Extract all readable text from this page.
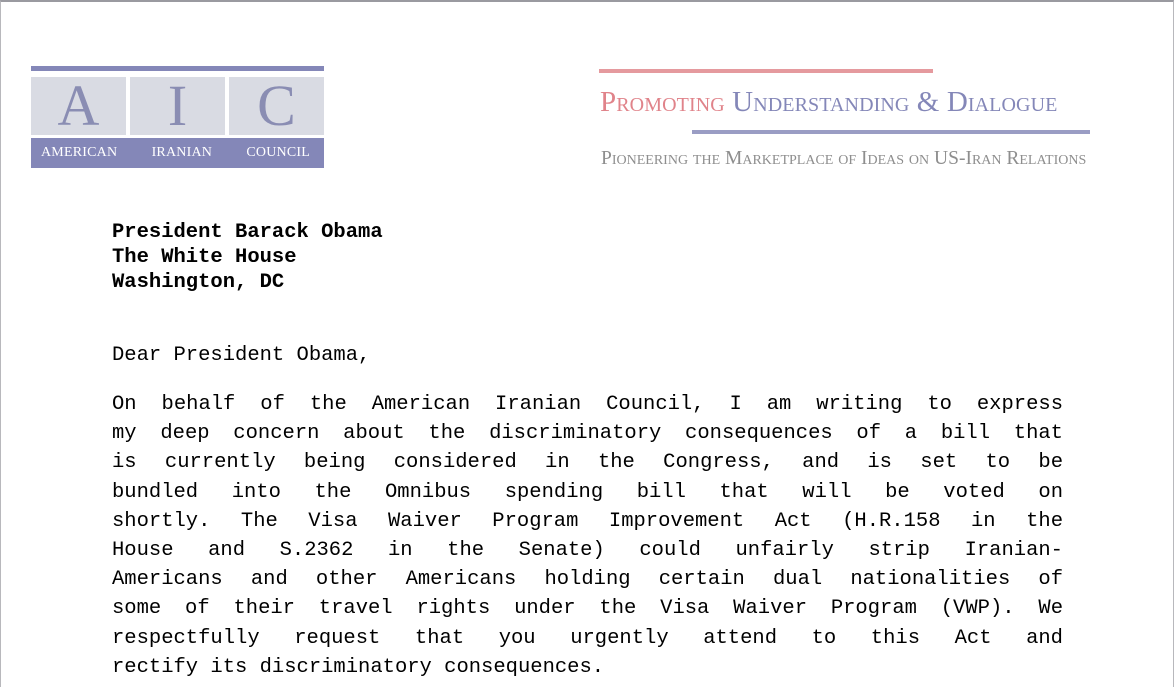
A	I	C
AMERICAN IRANIAN COUNCIL
Promoting Understanding & Dialogue
Pioneering the Marketplace of Ideas on US-Iran Relations
President Barack Obama
The White House
Washington, DC
Dear President Obama,
On behalf of the American Iranian Council, I am writing to express
my deep concern about the discriminatory consequences of a bill that
is currently being considered in the Congress, and is set to be
bundled into the Omnibus spending bill that will be voted on
shortly. The Visa Waiver Program Improvement Act (H.R.158 in the
House and S.2362 in the Senate) could unfairly strip Iranian-
Americans and other Americans holding certain dual nationalities of
some of their travel rights under the Visa Waiver Program (VWP). We
respectfully request that you urgently attend to this Act and
rectify its discriminatory consequences.
